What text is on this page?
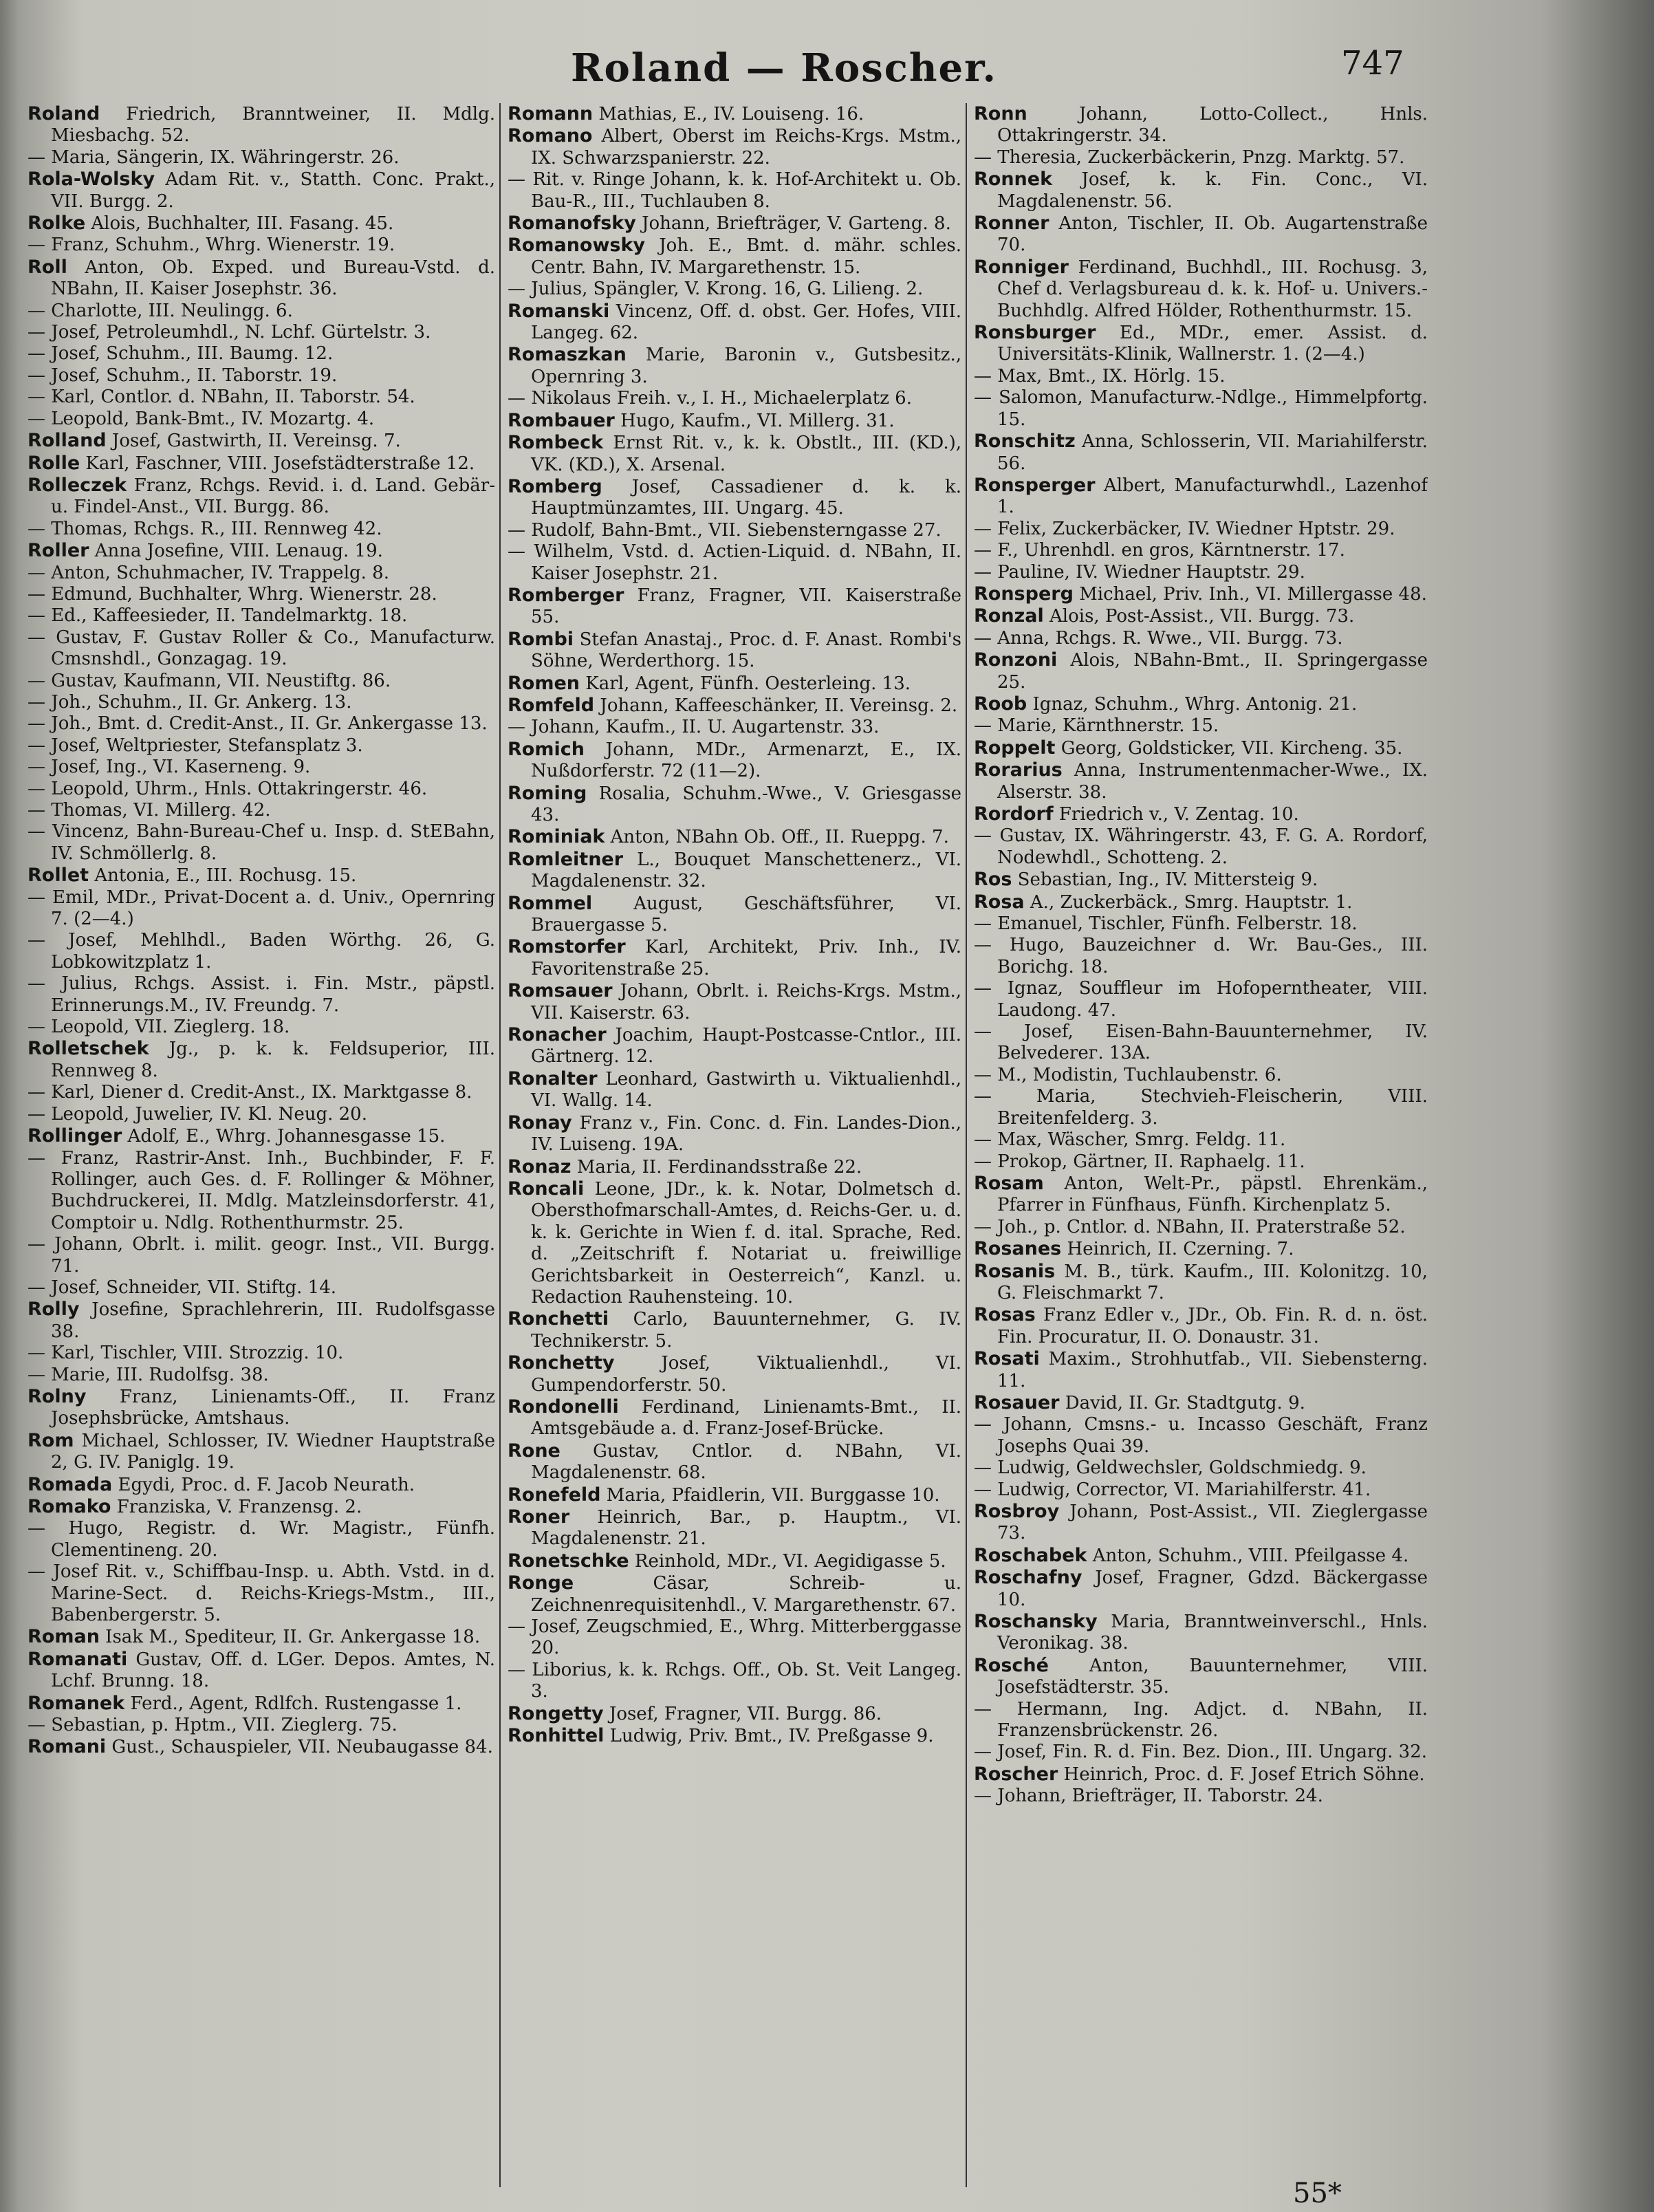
Roland — Roscher.	747
Roland Friedrich, Branntweiner, II. Mdlg. Miesbachg. 52.
— Maria, Sängerin, IX. Währingerstr. 26.
Rola-Wolsky Adam Rit. v., Statth. Conc. Prakt., VII. Burgg. 2.
Rolke Alois, Buchhalter, III. Fasang. 45.
— Franz, Schuhm., Whrg. Wienerstr. 19.
Roll Anton, Ob. Exped. und Bureau-Vstd. d. NBahn, II. Kaiser Josephstr. 36.
— Charlotte, III. Neulingg. 6.
— Josef, Petroleumhdl., N. Lchf. Gürtelstr. 3.
— Josef, Schuhm., III. Baumg. 12.
— Josef, Schuhm., II. Taborstr. 19.
— Karl, Contlor. d. NBahn, II. Taborstr. 54.
— Leopold, Bank-Bmt., IV. Mozartg. 4.
Rolland Josef, Gastwirth, II. Vereinsg. 7.
Rolle Karl, Faschner, VIII. Josefstädterstraße 12.
Rolleczek Franz, Rchgs. Revid. i. d. Land. Gebär- u. Findel-Anst., VII. Burgg. 86.
— Thomas, Rchgs. R., III. Rennweg 42.
Roller Anna Josefine, VIII. Lenaug. 19.
— Anton, Schuhmacher, IV. Trappelg. 8.
— Edmund, Buchhalter, Whrg. Wienerstr. 28.
— Ed., Kaffeesieder, II. Tandelmarktg. 18.
— Gustav, F. Gustav Roller & Co., Manufacturw. Cmsnshdl., Gonzagag. 19.
— Gustav, Kaufmann, VII. Neustiftg. 86.
— Joh., Schuhm., II. Gr. Ankerg. 13.
— Joh., Bmt. d. Credit-Anst., II. Gr. Ankergasse 13.
— Josef, Weltpriester, Stefansplatz 3.
— Josef, Ing., VI. Kaserneng. 9.
— Leopold, Uhrm., Hnls. Ottakringerstr. 46.
— Thomas, VI. Millerg. 42.
— Vincenz, Bahn-Bureau-Chef u. Insp. d. StEBahn, IV. Schmöllerlg. 8.
Rollet Antonia, E., III. Rochusg. 15.
— Emil, MDr., Privat-Docent a. d. Univ., Opernring 7. (2—4.)
— Josef, Mehlhdl., Baden Wörthg. 26, G. Lobkowitzplatz 1.
— Julius, Rchgs. Assist. i. Fin. Mstr., päpstl. Erinnerungs.M., IV. Freundg. 7.
— Leopold, VII. Zieglerg. 18.
Rolletschek Jg., p. k. k. Feldsuperior, III. Rennweg 8.
— Karl, Diener d. Credit-Anst., IX. Marktgasse 8.
— Leopold, Juwelier, IV. Kl. Neug. 20.
Rollinger Adolf, E., Whrg. Johannesgasse 15.
— Franz, Rastrir-Anst. Inh., Buchbinder, F. F. Rollinger, auch Ges. d. F. Rollinger & Möhner, Buchdruckerei, II. Mdlg. Matzleinsdorferstr. 41, Comptoir u. Ndlg. Rothenthurmstr. 25.
— Johann, Obrlt. i. milit. geogr. Inst., VII. Burgg. 71.
— Josef, Schneider, VII. Stiftg. 14.
Rolly Josefine, Sprachlehrerin, III. Rudolfsgasse 38.
— Karl, Tischler, VIII. Strozzig. 10.
— Marie, III. Rudolfsg. 38.
Rolny Franz, Linienamts-Off., II. Franz Josephsbrücke, Amtshaus.
Rom Michael, Schlosser, IV. Wiedner Hauptstraße 2, G. IV. Paniglg. 19.
Romada Egydi, Proc. d. F. Jacob Neurath.
Romako Franziska, V. Franzensg. 2.
— Hugo, Registr. d. Wr. Magistr., Fünfh. Clementineng. 20.
— Josef Rit. v., Schiffbau-Insp. u. Abth. Vstd. in d. Marine-Sect. d. Reichs-Kriegs-Mstm., III., Babenbergerstr. 5.
Roman Isak M., Spediteur, II. Gr. Ankergasse 18.
Romanati Gustav, Off. d. LGer. Depos. Amtes, N. Lchf. Brunng. 18.
Romanek Ferd., Agent, Rdlfch. Rustengasse 1.
— Sebastian, p. Hptm., VII. Zieglerg. 75.
Romani Gust., Schauspieler, VII. Neubaugasse 84.
Romann Mathias, E., IV. Louiseng. 16.
Romano Albert, Oberst im Reichs-Krgs. Mstm., IX. Schwarzspanierstr. 22.
— Rit. v. Ringe Johann, k. k. Hof-Architekt u. Ob. Bau-R., III., Tuchlauben 8.
Romanofsky Johann, Briefträger, V. Garteng. 8.
Romanowsky Joh. E., Bmt. d. mähr. schles. Centr. Bahn, IV. Margarethenstr. 15.
— Julius, Spängler, V. Krong. 16, G. Lilieng. 2.
Romanski Vincenz, Off. d. obst. Ger. Hofes, VIII. Langeg. 62.
Romaszkan Marie, Baronin v., Gutsbesitz., Opernring 3.
— Nikolaus Freih. v., I. H., Michaelerplatz 6.
Rombauer Hugo, Kaufm., VI. Millerg. 31.
Rombeck Ernst Rit. v., k. k. Obstlt., III. (KD.), VK. (KD.), X. Arsenal.
Romberg Josef, Cassadiener d. k. k. Hauptmünzamtes, III. Ungarg. 45.
— Rudolf, Bahn-Bmt., VII. Siebensterngasse 27.
— Wilhelm, Vstd. d. Actien-Liquid. d. NBahn, II. Kaiser Josephstr. 21.
Romberger Franz, Fragner, VII. Kaiserstraße 55.
Rombi Stefan Anastaj., Proc. d. F. Anast. Rombi's Söhne, Werderthorg. 15.
Romen Karl, Agent, Fünfh. Oesterleing. 13.
Romfeld Johann, Kaffeeschänker, II. Vereinsg. 2.
— Johann, Kaufm., II. U. Augartenstr. 33.
Romich Johann, MDr., Armenarzt, E., IX. Nußdorferstr. 72 (11—2).
Roming Rosalia, Schuhm.-Wwe., V. Griesgasse 43.
Rominiak Anton, NBahn Ob. Off., II. Rueppg. 7.
Romleitner L., Bouquet Manschettenerz., VI. Magdalenenstr. 32.
Rommel August, Geschäftsführer, VI. Brauergasse 5.
Romstorfer Karl, Architekt, Priv. Inh., IV. Favoritenstraße 25.
Romsauer Johann, Obrlt. i. Reichs-Krgs. Mstm., VII. Kaiserstr. 63.
Ronacher Joachim, Haupt-Postcasse-Cntlor., III. Gärtnerg. 12.
Ronalter Leonhard, Gastwirth u. Viktualienhdl., VI. Wallg. 14.
Ronay Franz v., Fin. Conc. d. Fin. Landes-Dion., IV. Luiseng. 19A.
Ronaz Maria, II. Ferdinandsstraße 22.
Roncali Leone, JDr., k. k. Notar, Dolmetsch d. Obersthofmarschall-Amtes, d. Reichs-Ger. u. d. k. k. Gerichte in Wien f. d. ital. Sprache, Red. d. „Zeitschrift f. Notariat u. freiwillige Gerichtsbarkeit in Oesterreich“, Kanzl. u. Redaction Rauhensteing. 10.
Ronchetti Carlo, Bauunternehmer, G. IV. Technikerstr. 5.
Ronchetty Josef, Viktualienhdl., VI. Gumpendorferstr. 50.
Rondonelli Ferdinand, Linienamts-Bmt., II. Amtsgebäude a. d. Franz-Josef-Brücke.
Rone Gustav, Cntlor. d. NBahn, VI. Magdalenenstr. 68.
Ronefeld Maria, Pfaidlerin, VII. Burggasse 10.
Roner Heinrich, Bar., p. Hauptm., VI. Magdalenenstr. 21.
Ronetschke Reinhold, MDr., VI. Aegidigasse 5.
Ronge Cäsar, Schreib- u. Zeichnenrequisitenhdl., V. Margarethenstr. 67.
— Josef, Zeugschmied, E., Whrg. Mitterberggasse 20.
— Liborius, k. k. Rchgs. Off., Ob. St. Veit Langeg. 3.
Rongetty Josef, Fragner, VII. Burgg. 86.
Ronhittel Ludwig, Priv. Bmt., IV. Preßgasse 9.
Ronn Johann, Lotto-Collect., Hnls. Ottakringerstr. 34.
— Theresia, Zuckerbäckerin, Pnzg. Marktg. 57.
Ronnek Josef, k. k. Fin. Conc., VI. Magdalenenstr. 56.
Ronner Anton, Tischler, II. Ob. Augartenstraße 70.
Ronniger Ferdinand, Buchhdl., III. Rochusg. 3, Chef d. Verlagsbureau d. k. k. Hof- u. Univers.-Buchhdlg. Alfred Hölder, Rothenthurmstr. 15.
Ronsburger Ed., MDr., emer. Assist. d. Universitäts-Klinik, Wallnerstr. 1. (2—4.)
— Max, Bmt., IX. Hörlg. 15.
— Salomon, Manufacturw.-Ndlge., Himmelpfortg. 15.
Ronschitz Anna, Schlosserin, VII. Mariahilferstr. 56.
Ronsperger Albert, Manufacturwhdl., Lazenhof 1.
— Felix, Zuckerbäcker, IV. Wiedner Hptstr. 29.
— F., Uhrenhdl. en gros, Kärntnerstr. 17.
— Pauline, IV. Wiedner Hauptstr. 29.
Ronsperg Michael, Priv. Inh., VI. Millergasse 48.
Ronzal Alois, Post-Assist., VII. Burgg. 73.
— Anna, Rchgs. R. Wwe., VII. Burgg. 73.
Ronzoni Alois, NBahn-Bmt., II. Springergasse 25.
Roob Ignaz, Schuhm., Whrg. Antonig. 21.
— Marie, Kärnthnerstr. 15.
Roppelt Georg, Goldsticker, VII. Kircheng. 35.
Rorarius Anna, Instrumentenmacher-Wwe., IX. Alserstr. 38.
Rordorf Friedrich v., V. Zentag. 10.
— Gustav, IX. Währingerstr. 43, F. G. A. Rordorf, Nodewhdl., Schotteng. 2.
Ros Sebastian, Ing., IV. Mittersteig 9.
Rosa A., Zuckerbäck., Smrg. Hauptstr. 1.
— Emanuel, Tischler, Fünfh. Felberstr. 18.
— Hugo, Bauzeichner d. Wr. Bau-Ges., III. Borichg. 18.
— Ignaz, Souffleur im Hofoperntheater, VIII. Laudong. 47.
— Josef, Eisen-Bahn-Bauunternehmer, IV. Belvederег. 13A.
— M., Modistin, Tuchlaubenstr. 6.
— Maria, Stechvieh-Fleischerin, VIII. Breitenfelderg. 3.
— Max, Wäscher, Smrg. Feldg. 11.
— Prokop, Gärtner, II. Raphaelg. 11.
Rosam Anton, Welt-Pr., päpstl. Ehrenkäm., Pfarrer in Fünfhaus, Fünfh. Kirchenplatz 5.
— Joh., p. Cntlor. d. NBahn, II. Praterstraße 52.
Rosanes Heinrich, II. Czerning. 7.
Rosanis M. B., türk. Kaufm., III. Kolonitzg. 10, G. Fleischmarkt 7.
Rosas Franz Edler v., JDr., Ob. Fin. R. d. n. öst. Fin. Procuratur, II. O. Donaustr. 31.
Rosati Maxim., Strohhutfab., VII. Siebensterng. 11.
Rosauer David, II. Gr. Stadtgutg. 9.
— Johann, Cmsns.- u. Incasso Geschäft, Franz Josephs Quai 39.
— Ludwig, Geldwechsler, Goldschmiedg. 9.
— Ludwig, Corrector, VI. Mariahilferstr. 41.
Rosbroy Johann, Post-Assist., VII. Zieglergasse 73.
Roschabek Anton, Schuhm., VIII. Pfeilgasse 4.
Roschafny Josef, Fragner, Gdzd. Bäckergasse 10.
Roschansky Maria, Branntweinverschl., Hnls. Veronikag. 38.
Rosché Anton, Bauunternehmer, VIII. Josefstädterstr. 35.
— Hermann, Ing. Adjct. d. NBahn, II. Franzensbrückenstr. 26.
— Josef, Fin. R. d. Fin. Bez. Dion., III. Ungarg. 32.
Roscher Heinrich, Proc. d. F. Josef Etrich Söhne.
— Johann, Briefträger, II. Taborstr. 24.
55*
